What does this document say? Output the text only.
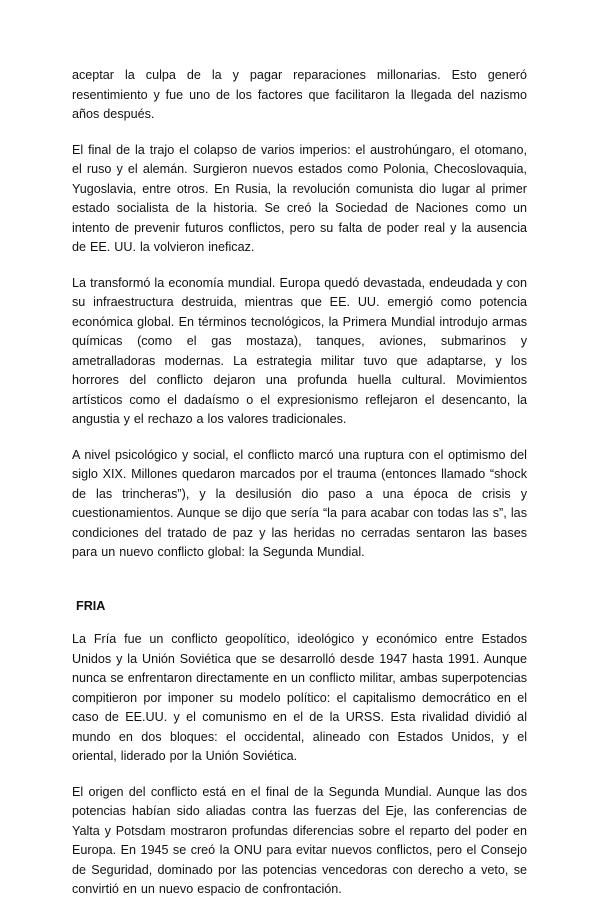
aceptar la culpa de la y pagar reparaciones millonarias. Esto generó resentimiento y fue uno de los factores que facilitaron la llegada del nazismo años después.

El final de la trajo el colapso de varios imperios: el austrohúngaro, el otomano, el ruso y el alemán. Surgieron nuevos estados como Polonia, Checoslovaquia, Yugoslavia, entre otros. En Rusia, la revolución comunista dio lugar al primer estado socialista de la historia. Se creó la Sociedad de Naciones como un intento de prevenir futuros conflictos, pero su falta de poder real y la ausencia de EE. UU. la volvieron ineficaz.

La transformó la economía mundial. Europa quedó devastada, endeudada y con su infraestructura destruida, mientras que EE. UU. emergió como potencia económica global. En términos tecnológicos, la Primera Mundial introdujo armas químicas (como el gas mostaza), tanques, aviones, submarinos y ametralladoras modernas. La estrategia militar tuvo que adaptarse, y los horrores del conflicto dejaron una profunda huella cultural. Movimientos artísticos como el dadaísmo o el expresionismo reflejaron el desencanto, la angustia y el rechazo a los valores tradicionales.

A nivel psicológico y social, el conflicto marcó una ruptura con el optimismo del siglo XIX. Millones quedaron marcados por el trauma (entonces llamado “shock de las trincheras”), y la desilusión dio paso a una época de crisis y cuestionamientos. Aunque se dijo que sería “la para acabar con todas las s”, las condiciones del tratado de paz y las heridas no cerradas sentaron las bases para un nuevo conflicto global: la Segunda Mundial.

FRIA

La Fría fue un conflicto geopolítico, ideológico y económico entre Estados Unidos y la Unión Soviética que se desarrolló desde 1947 hasta 1991. Aunque nunca se enfrentaron directamente en un conflicto militar, ambas superpotencias compitieron por imponer su modelo político: el capitalismo democrático en el caso de EE.UU. y el comunismo en el de la URSS. Esta rivalidad dividió al mundo en dos bloques: el occidental, alineado con Estados Unidos, y el oriental, liderado por la Unión Soviética.

El origen del conflicto está en el final de la Segunda Mundial. Aunque las dos potencias habían sido aliadas contra las fuerzas del Eje, las conferencias de Yalta y Potsdam mostraron profundas diferencias sobre el reparto del poder en Europa. En 1945 se creó la ONU para evitar nuevos conflictos, pero el Consejo de Seguridad, dominado por las potencias vencedoras con derecho a veto, se convirtió en un nuevo espacio de confrontación.
